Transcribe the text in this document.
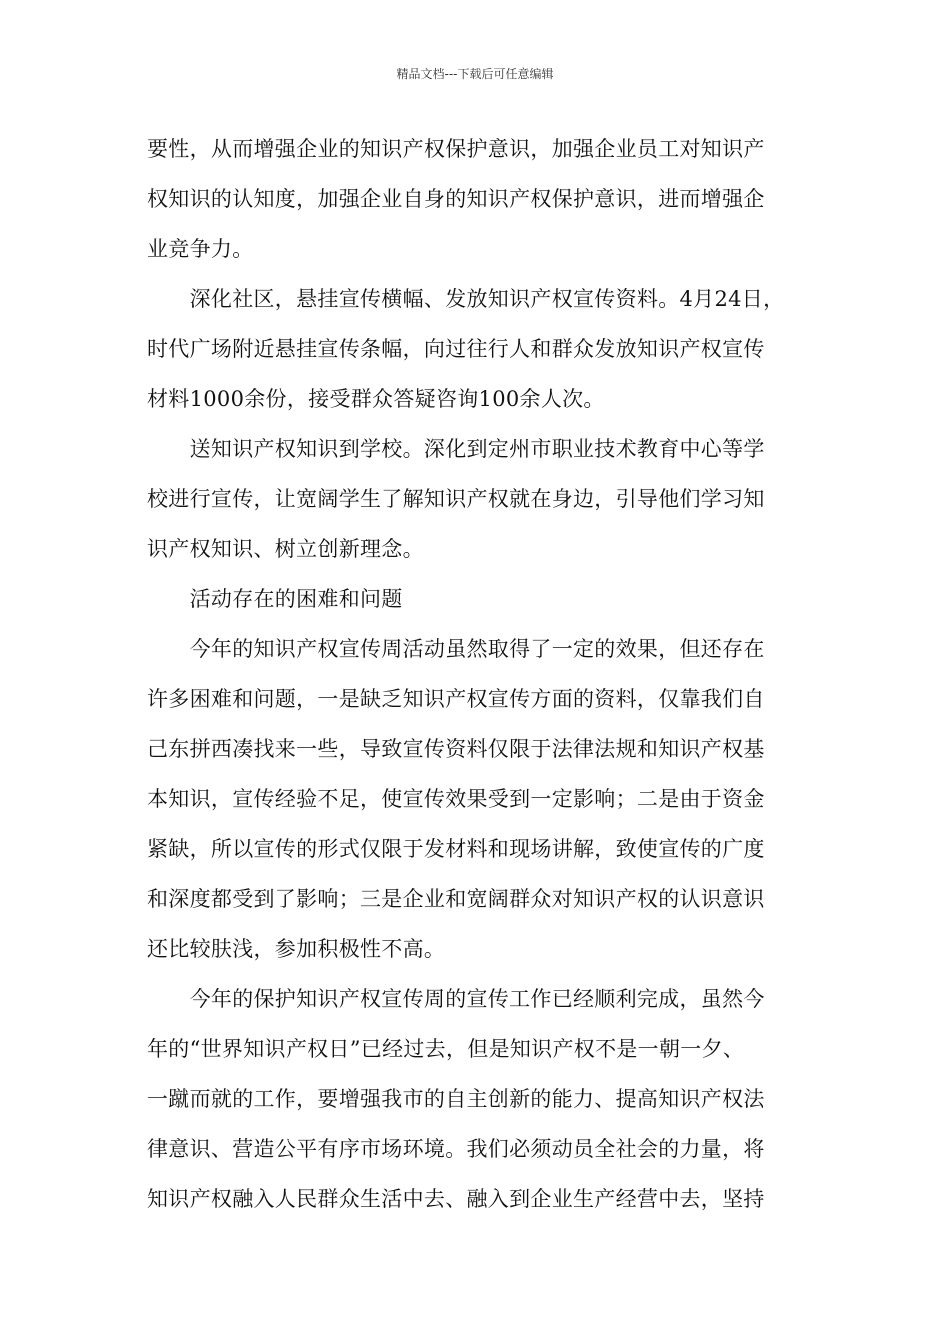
精品文档---下载后可任意编辑
要性，从而增强企业的知识产权保护意识，加强企业员工对知识产
权知识的认知度，加强企业自身的知识产权保护意识，进而增强企
业竞争力。
　　深化社区，悬挂宣传横幅、发放知识产权宣传资料。4月24日，
时代广场附近悬挂宣传条幅，向过往行人和群众发放知识产权宣传
材料1000余份，接受群众答疑咨询100余人次。
　　送知识产权知识到学校。深化到定州市职业技术教育中心等学
校进行宣传，让宽阔学生了解知识产权就在身边，引导他们学习知
识产权知识、树立创新理念。
　　活动存在的困难和问题
　　今年的知识产权宣传周活动虽然取得了一定的效果，但还存在
许多困难和问题，一是缺乏知识产权宣传方面的资料，仅靠我们自
己东拼西凑找来一些，导致宣传资料仅限于法律法规和知识产权基
本知识，宣传经验不足，使宣传效果受到一定影响；二是由于资金
紧缺，所以宣传的形式仅限于发材料和现场讲解，致使宣传的广度
和深度都受到了影响；三是企业和宽阔群众对知识产权的认识意识
还比较肤浅，参加积极性不高。
　　今年的保护知识产权宣传周的宣传工作已经顺利完成，虽然今
年的“世界知识产权日”已经过去，但是知识产权不是一朝一夕、
一蹴而就的工作，要增强我市的自主创新的能力、提高知识产权法
律意识、营造公平有序市场环境。我们必须动员全社会的力量，将
知识产权融入人民群众生活中去、融入到企业生产经营中去，坚持
